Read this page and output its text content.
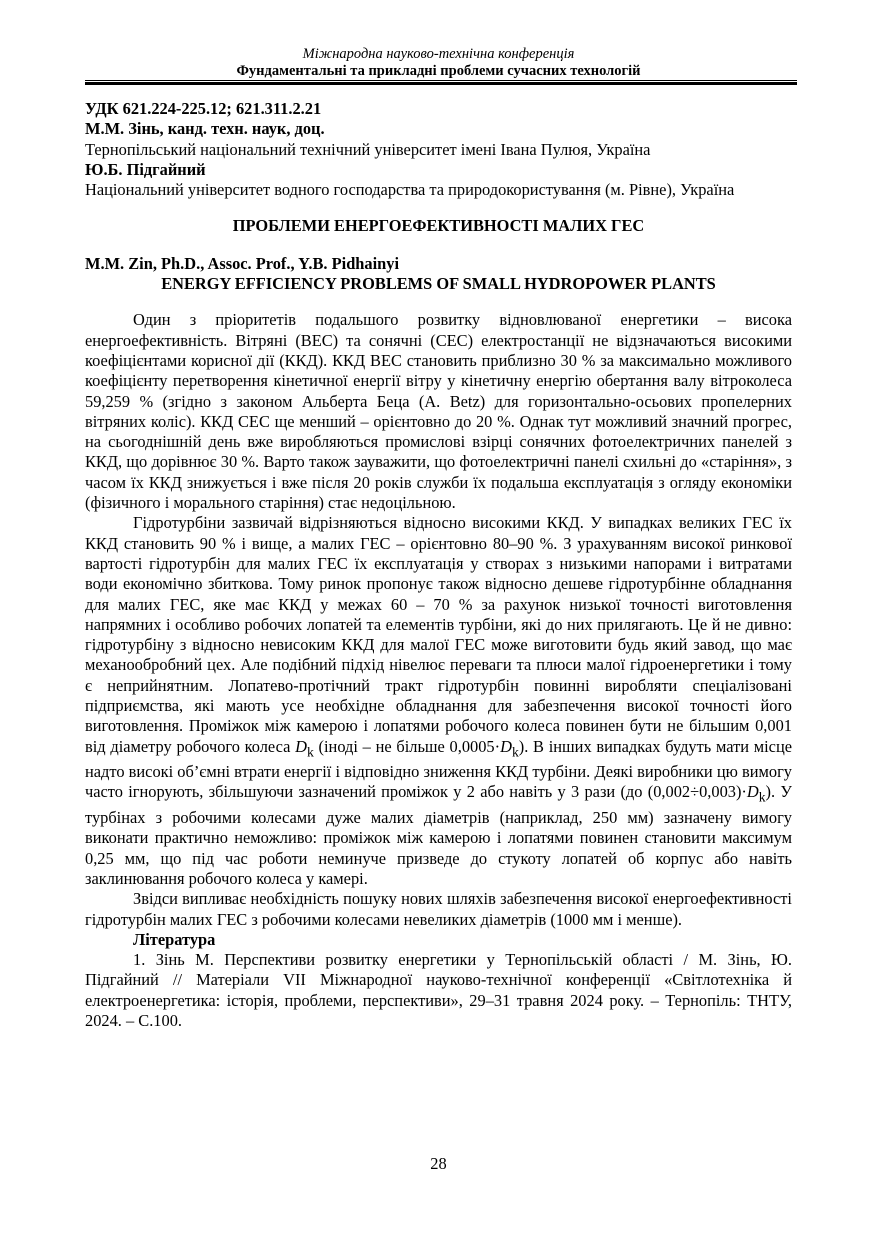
Міжнародна науково-технічна конференція
Фундаментальні та прикладні проблеми сучасних технологій

УДК 621.224-225.12; 621.311.2.21

М.М. Зінь, канд. техн. наук, доц.

Тернопільський національний технічний університет імені Івана Пулюя, Україна

Ю.Б. Підгайний

Національний університет водного господарства та природокористування (м. Рівне), Україна

ПРОБЛЕМИ ЕНЕРГОЕФЕКТИВНОСТІ МАЛИХ ГЕС

M.M. Zin, Ph.D., Assoc. Prof., Y.B. Pidhainyi

ENERGY EFFICIENCY PROBLEMS OF SMALL HYDROPOWER PLANTS

Один з пріоритетів подальшого розвитку відновлюваної енергетики – висока енергоефективність. Вітряні (ВЕС) та сонячні (СЕС) електростанції не відзначаються високими коефіцієнтами корисної дії (ККД). ККД ВЕС становить приблизно 30 % за максимально можливого коефіцієнту перетворення кінетичної енергії вітру у кінетичну енергію обертання валу вітроколеса 59,259 % (згідно з законом Альберта Беца (A. Betz) для горизонтально-осьових пропелерних вітряних коліс). ККД СЕС ще менший – орієнтовно до 20 %. Однак тут можливий значний прогрес, на сьогоднішній день вже виробляються промислові взірці сонячних фотоелектричних панелей з ККД, що дорівнює 30 %. Варто також зауважити, що фотоелектричні панелі схильні до «старіння», з часом їх ККД знижується і вже після 20 років служби їх подальша експлуатація з огляду економіки (фізичного і морального старіння) стає недоцільною.

Гідротурбіни зазвичай відрізняються відносно високими ККД. У випадках великих ГЕС їх ККД становить 90 % і вище, а малих ГЕС – орієнтовно 80–90 %. З урахуванням високої ринкової вартості гідротурбін для малих ГЕС їх експлуатація у створах з низькими напорами і витратами води економічно збиткова. Тому ринок пропонує також відносно дешеве гідротурбінне обладнання для малих ГЕС, яке має ККД у межах 60 – 70 % за рахунок низької точності виготовлення напрямних і особливо робочих лопатей та елементів турбіни, які до них прилягають. Це й не дивно: гідротурбіну з відносно невисоким ККД для малої ГЕС може виготовити будь який завод, що має механообробний цех. Але подібний підхід нівелює переваги та плюси малої гідроенергетики і тому є неприйнятним. Лопатево-протічний тракт гідротурбін повинні виробляти спеціалізовані підприємства, які мають усе необхідне обладнання для забезпечення високої точності його виготовлення. Проміжок між камерою і лопатями робочого колеса повинен бути не більшим 0,001 від діаметру робочого колеса $D_k$ (іноді – не більше $0,0005\cdot D_k$). В інших випадках будуть мати місце надто високі об’ємні втрати енергії і відповідно зниження ККД турбіни. Деякі виробники цю вимогу часто ігнорують, збільшуючи зазначений проміжок у 2 або навіть у 3 рази (до $(0,002\div 0,003)\cdot D_k$). У турбінах з робочими колесами дуже малих діаметрів (наприклад, 250 мм) зазначену вимогу виконати практично неможливо: проміжок між камерою і лопатями повинен становити максимум 0,25 мм, що під час роботи неминуче призведе до стукоту лопатей об корпус або навіть заклинювання робочого колеса у камері.

Звідси випливає необхідність пошуку нових шляхів забезпечення високої енергоефективності гідротурбін малих ГЕС з робочими колесами невеликих діаметрів (1000 мм і менше).

Література

1. Зінь М. Перспективи розвитку енергетики у Тернопільській області / М. Зінь, Ю. Підгайний // Матеріали VII Міжнародної науково-технічної конференції «Світлотехніка й електроенергетика: історія, проблеми, перспективи», 29–31 травня 2024 року. – Тернопіль: ТНТУ, 2024. – С.100.

28
